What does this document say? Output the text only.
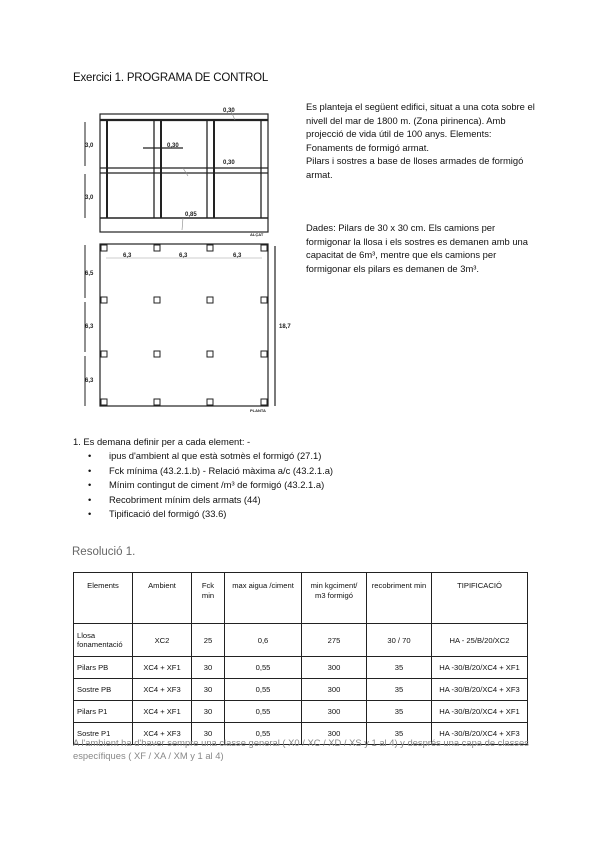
Exercici 1. PROGRAMA DE CONTROL

Es planteja el següent edifici, situat a una cota sobre el nivell del mar de 1800 m. (Zona pirinenca). Amb projecció de vida útil de 100 anys. Elements:

Fonaments de formigó armat.

Pilars i sostres a base de lloses armades de formigó armat.

Dades: Pilars de 30 x 30 cm. Els camions per formigonar la llosa i els sostres es demanen amb una capacitat de 6m³, mentre que els camions per formigonar els pilars es demanen de 3m³.
3,0
3,0
0,30
0,30
0,30
0,85
ALÇAT
6,3	6,3	6,3
6,5
6,3
6,3
18,7
PLANTA
1. Es demana definir per a cada element: -
• ipus d'ambient al que està sotmès el formigó (27.1)
• Fck mínima (43.2.1.b) - Relació màxima a/c (43.2.1.a)
• Mínim contingut de ciment /m³ de formigó (43.2.1.a)
• Recobriment mínim dels armats (44)
• Tipificació del formigó (33.6)
Resolució 1.
Elements	Ambient	Fck min	max aigua /ciment	min kgciment/ m3 formigó	recobriment min	TIPIFICACIÓ
Llosa fonamentació	XC2	25	0,6	275	30 / 70	HA - 25/B/20/XC2
Pilars PB	XC4 + XF1	30	0,55	300	35	HA -30/B/20/XC4 + XF1
Sostre PB	XC4 + XF3	30	0,55	300	35	HA -30/B/20/XC4 + XF3
Pilars P1	XC4 + XF1	30	0,55	300	35	HA -30/B/20/XC4 + XF1
Sostre P1	XC4 + XF3	30	0,55	300	35	HA -30/B/20/XC4 + XF3
A l'ambient ha d'haver sempre una classe general ( X0 / XC / XD / XS y 1 al 4) y després una capa de classes específiques ( XF / XA / XM y 1 al 4)
